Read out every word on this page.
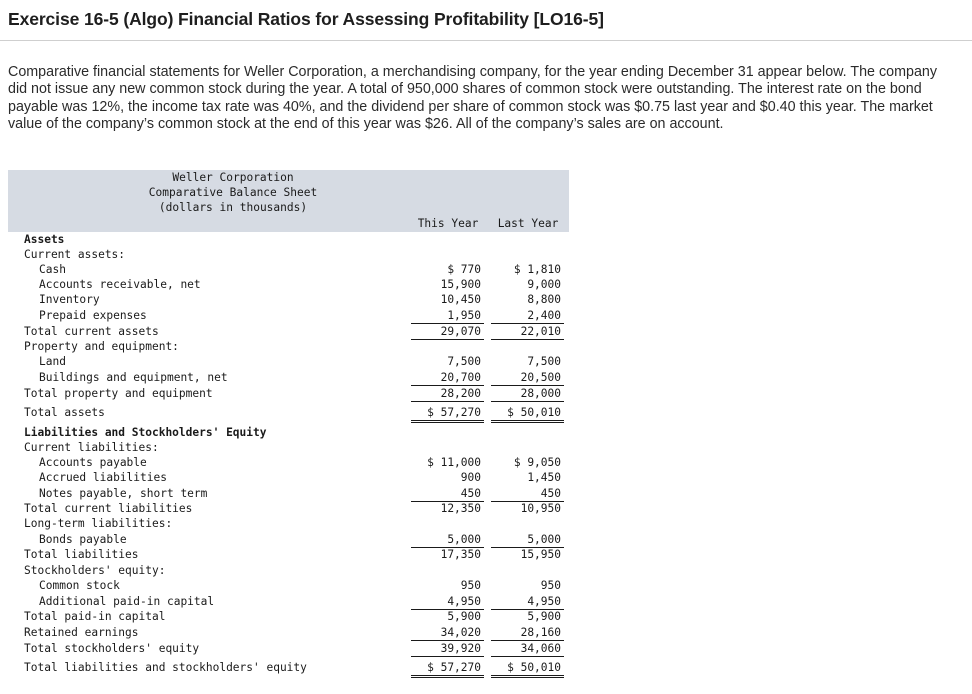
Exercise 16-5 (Algo) Financial Ratios for Assessing Profitability [LO16-5]

Comparative financial statements for Weller Corporation, a merchandising company, for the year ending December 31 appear below. The company did not issue any new common stock during the year. A total of 950,000 shares of common stock were outstanding. The interest rate on the bond payable was 12%, the income tax rate was 40%, and the dividend per share of common stock was $0.75 last year and $0.40 this year. The market value of the company’s common stock at the end of this year was $26. All of the company’s sales are on account.

Weller Corporation
Comparative Balance Sheet
(dollars in thousands)
This Year	Last Year
Assets
Current assets:
Cash	$ 770	$ 1,810
Accounts receivable, net	15,900	9,000
Inventory	10,450	8,800
Prepaid expenses	1,950	2,400
Total current assets	29,070	22,010
Property and equipment:
Land	7,500	7,500
Buildings and equipment, net	20,700	20,500
Total property and equipment	28,200	28,000
Total assets	$ 57,270	$ 50,010
Liabilities and Stockholders' Equity
Current liabilities:
Accounts payable	$ 11,000	$ 9,050
Accrued liabilities	900	1,450
Notes payable, short term	450	450
Total current liabilities	12,350	10,950
Long-term liabilities:
Bonds payable	5,000	5,000
Total liabilities	17,350	15,950
Stockholders' equity:
Common stock	950	950
Additional paid-in capital	4,950	4,950
Total paid-in capital	5,900	5,900
Retained earnings	34,020	28,160
Total stockholders' equity	39,920	34,060
Total liabilities and stockholders' equity	$ 57,270	$ 50,010
